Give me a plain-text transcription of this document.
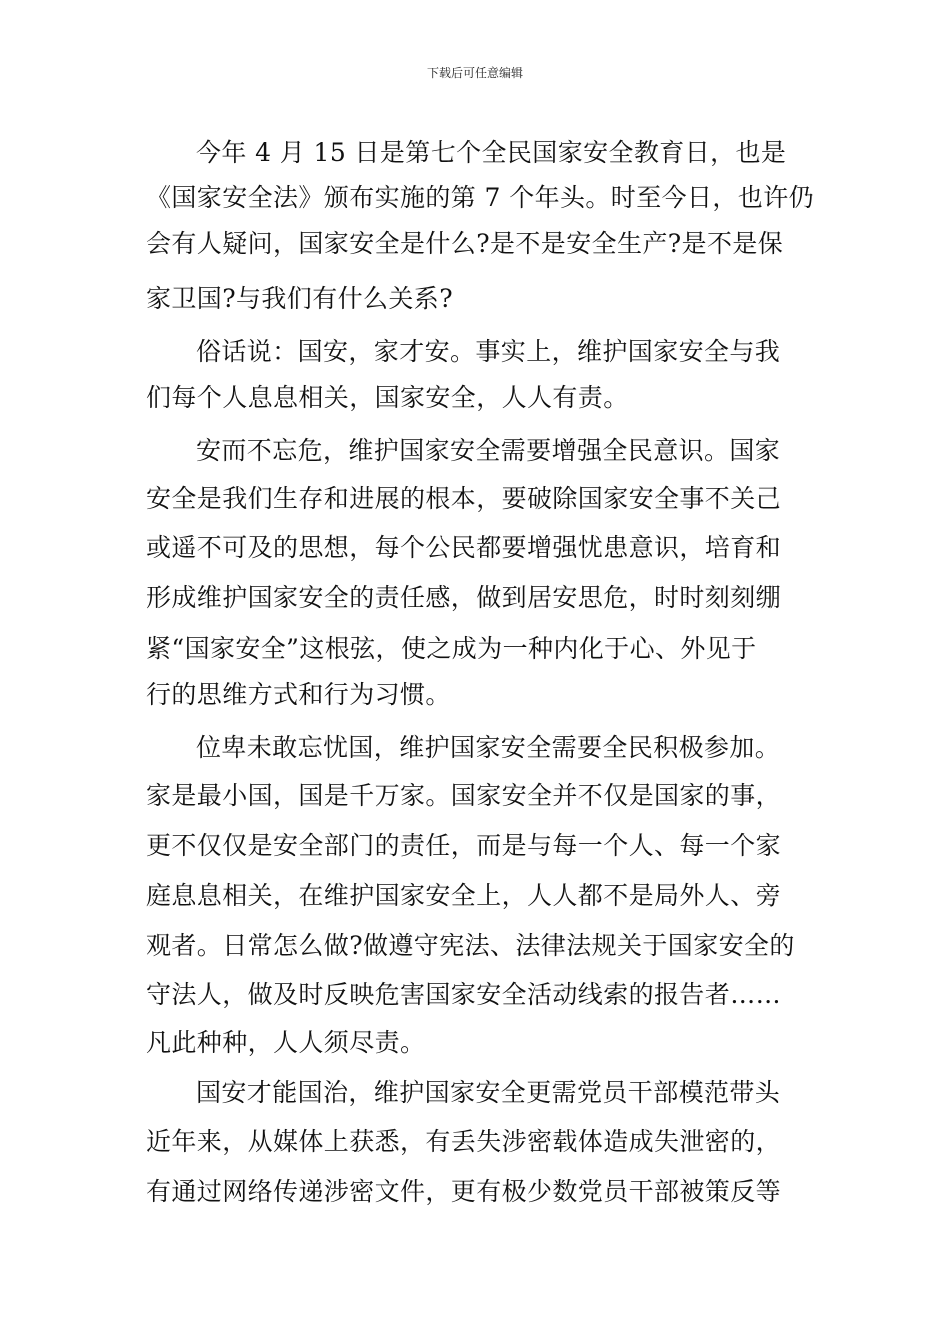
下载后可任意编辑
今年 4 月 15 日是第七个全民国家安全教育日，也是
《国家安全法》颁布实施的第 7 个年头。时至今日，也许仍
会有人疑问，国家安全是什么?是不是安全生产?是不是保
家卫国?与我们有什么关系?
俗话说：国安，家才安。事实上，维护国家安全与我
们每个人息息相关，国家安全，人人有责。
安而不忘危，维护国家安全需要增强全民意识。国家
安全是我们生存和进展的根本，要破除国家安全事不关己
或遥不可及的思想，每个公民都要增强忧患意识，培育和
形成维护国家安全的责任感，做到居安思危，时时刻刻绷
紧“国家安全”这根弦，使之成为一种内化于心、外见于
行的思维方式和行为习惯。
位卑未敢忘忧国，维护国家安全需要全民积极参加。
家是最小国，国是千万家。国家安全并不仅是国家的事，
更不仅仅是安全部门的责任，而是与每一个人、每一个家
庭息息相关，在维护国家安全上，人人都不是局外人、旁
观者。日常怎么做?做遵守宪法、法律法规关于国家安全的
守法人，做及时反映危害国家安全活动线索的报告者……
凡此种种，人人须尽责。
国安才能国治，维护国家安全更需党员干部模范带头
近年来，从媒体上获悉，有丢失涉密载体造成失泄密的，
有通过网络传递涉密文件，更有极少数党员干部被策反等
